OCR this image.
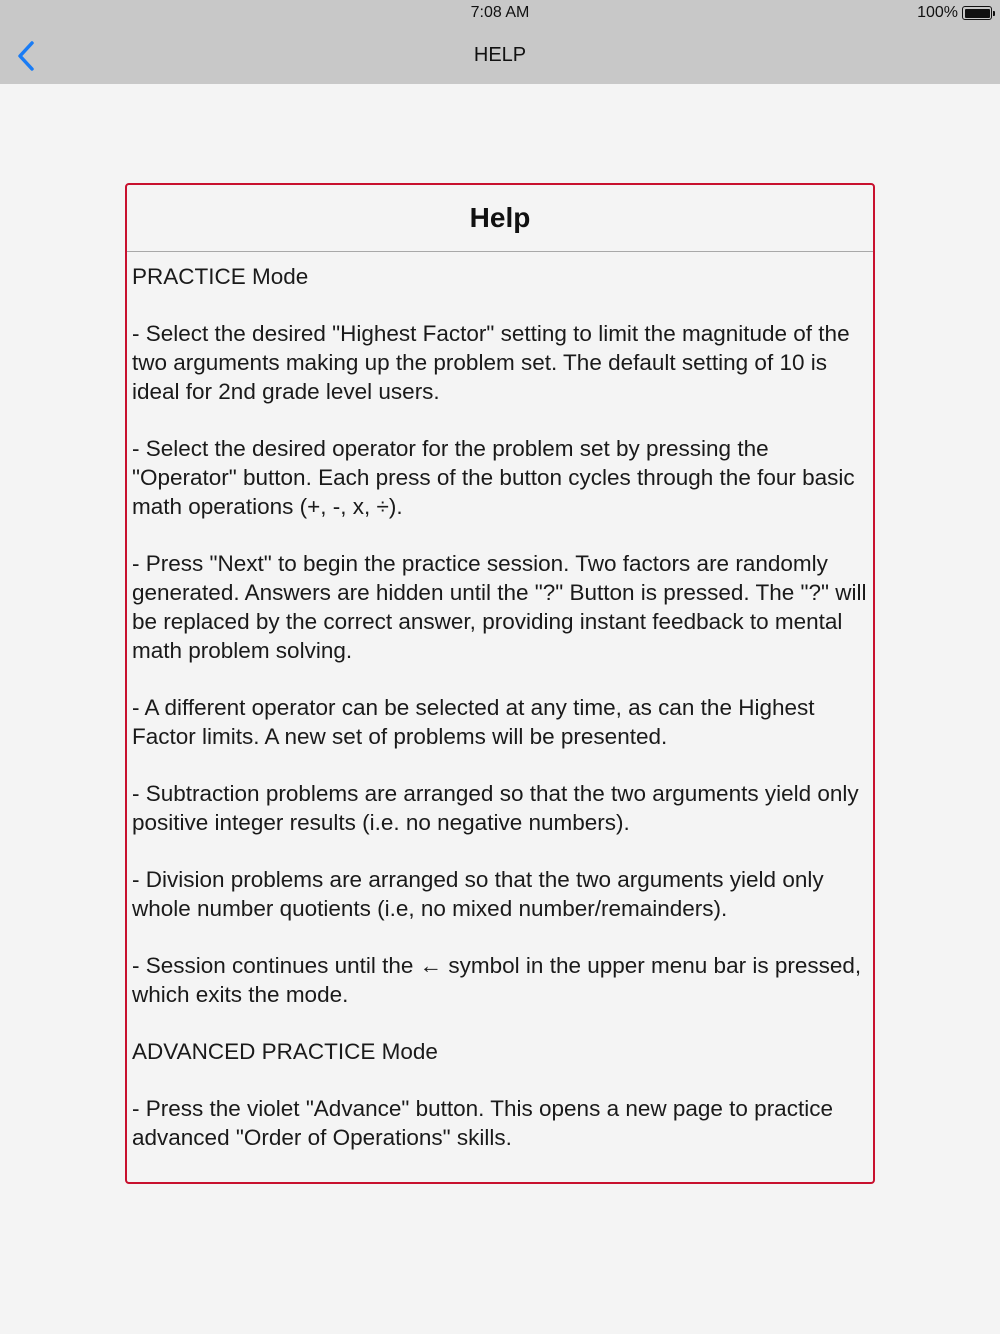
7:08 AM	100%
HELP
Help

PRACTICE Mode

- Select the desired "Highest Factor" setting to limit the magnitude of the two arguments making up the problem set. The default setting of 10 is ideal for 2nd grade level users.

- Select the desired operator for the problem set by pressing the "Operator" button. Each press of the button cycles through the four basic math operations (+, -, x, ÷).

- Press "Next" to begin the practice session. Two factors are randomly generated. Answers are hidden until the "?" Button is pressed. The "?" will be replaced by the correct answer, providing instant feedback to mental math problem solving.

- A different operator can be selected at any time, as can the Highest Factor limits. A new set of problems will be presented.

- Subtraction problems are arranged so that the two arguments yield only positive integer results (i.e. no negative numbers).

- Division problems are arranged so that the two arguments yield only whole number quotients (i.e, no mixed number/remainders).

- Session continues until the ← symbol in the upper menu bar is pressed, which exits the mode.

ADVANCED PRACTICE Mode

- Press the violet "Advance" button. This opens a new page to practice advanced "Order of Operations" skills.
